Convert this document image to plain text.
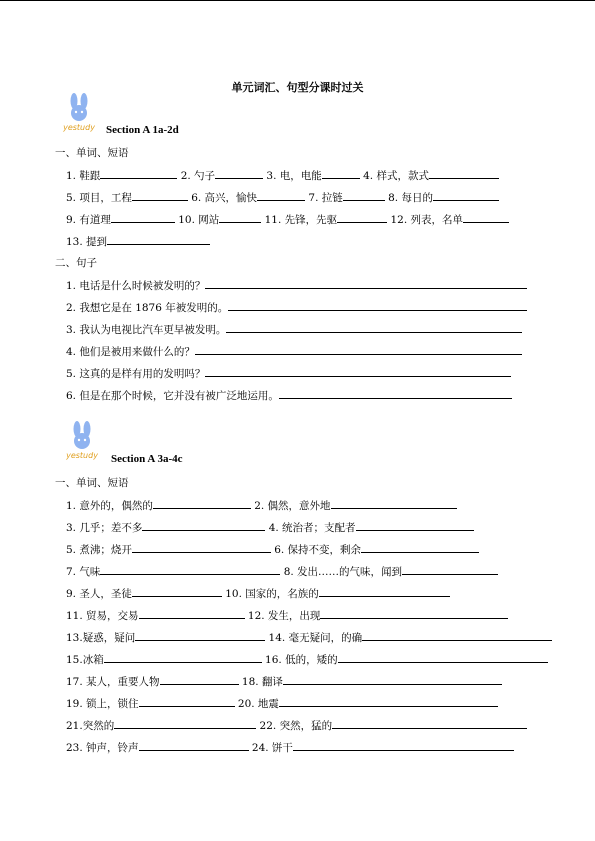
单元词汇、句型分课时过关
yestudy Section A 1a-2d
一、单词、短语
1. 鞋跟	2. 勺子	3. 电，电能	4. 样式，款式
5. 项目，工程	6. 高兴，愉快	7. 拉链	8. 每日的
9. 有道理	10. 网站	11. 先锋，先驱	12. 列表，名单
13. 提到
二、句子
1. 电话是什么时候被发明的？
2. 我想它是在 1876 年被发明的。
3. 我认为电视比汽车更早被发明。
4. 他们是被用来做什么的？
5. 这真的是样有用的发明吗？
6. 但是在那个时候，它并没有被广泛地运用。
yestudy Section A 3a-4c
一、单词、短语
1. 意外的，偶然的	2. 偶然，意外地
3. 几乎；差不多	4. 统治者；支配者
5. 煮沸；烧开	6. 保持不变，剩余
7. 气味	8. 发出……的气味，闻到
9. 圣人，圣徒	10. 国家的，名族的
11. 贸易，交易	12. 发生，出现
13.疑惑，疑问	14. 毫无疑问，的确
15.冰箱	16. 低的，矮的
17. 某人，重要人物	18. 翻译
19. 锁上，锁住	20. 地震
21.突然的	22. 突然，猛的
23. 钟声，铃声	24. 饼干
